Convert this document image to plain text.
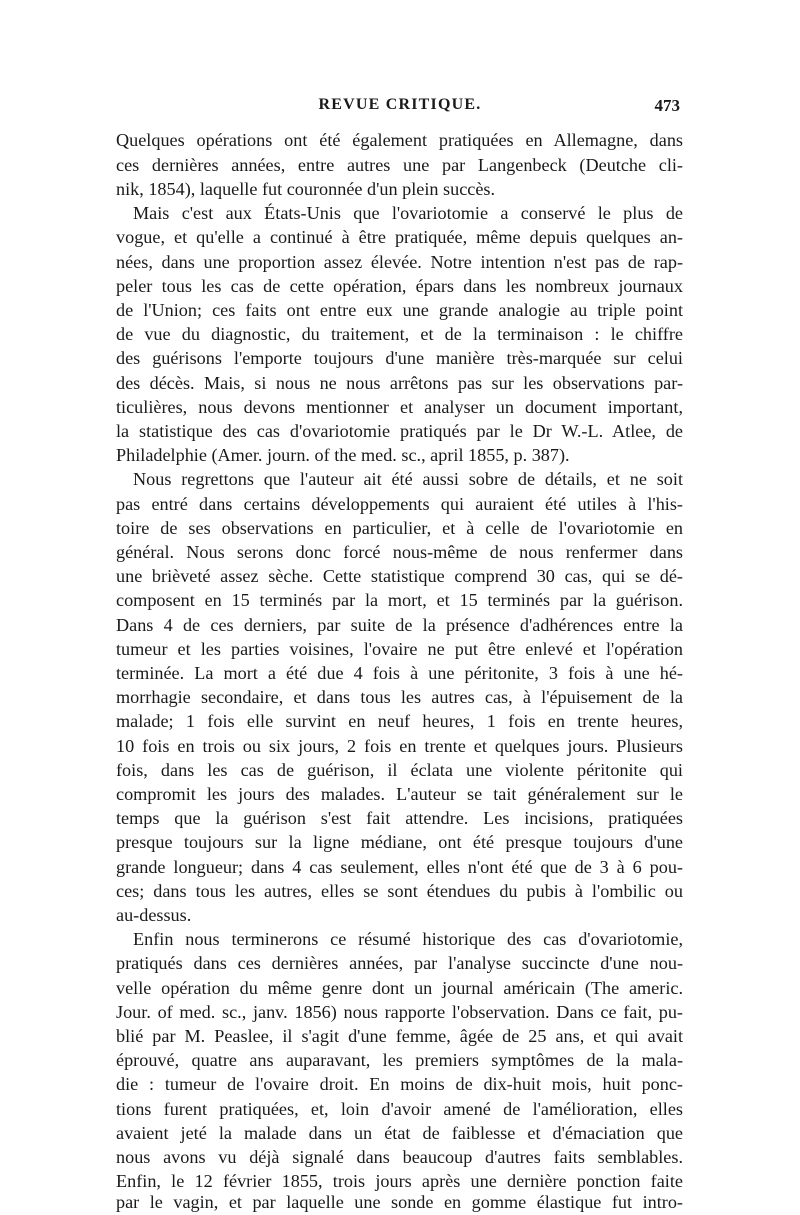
REVUE CRITIQUE.	473
Quelques opérations ont été également pratiquées en Allemagne, dans
ces dernières années, entre autres une par Langenbeck (Deutche cli-
nik, 1854), laquelle fut couronnée d'un plein succès.
Mais c'est aux États-Unis que l'ovariotomie a conservé le plus de
vogue, et qu'elle a continué à être pratiquée, même depuis quelques an-
nées, dans une proportion assez élevée. Notre intention n'est pas de rap-
peler tous les cas de cette opération, épars dans les nombreux journaux
de l'Union; ces faits ont entre eux une grande analogie au triple point
de vue du diagnostic, du traitement, et de la terminaison : le chiffre
des guérisons l'emporte toujours d'une manière très-marquée sur celui
des décès. Mais, si nous ne nous arrêtons pas sur les observations par-
ticulières, nous devons mentionner et analyser un document important,
la statistique des cas d'ovariotomie pratiqués par le Dr W.-L. Atlee, de
Philadelphie (Amer. journ. of the med. sc., april 1855, p. 387).
Nous regrettons que l'auteur ait été aussi sobre de détails, et ne soit
pas entré dans certains développements qui auraient été utiles à l'his-
toire de ses observations en particulier, et à celle de l'ovariotomie en
général. Nous serons donc forcé nous-même de nous renfermer dans
une brièveté assez sèche. Cette statistique comprend 30 cas, qui se dé-
composent en 15 terminés par la mort, et 15 terminés par la guérison.
Dans 4 de ces derniers, par suite de la présence d'adhérences entre la
tumeur et les parties voisines, l'ovaire ne put être enlevé et l'opération
terminée. La mort a été due 4 fois à une péritonite, 3 fois à une hé-
morrhagie secondaire, et dans tous les autres cas, à l'épuisement de la
malade; 1 fois elle survint en neuf heures, 1 fois en trente heures,
10 fois en trois ou six jours, 2 fois en trente et quelques jours. Plusieurs
fois, dans les cas de guérison, il éclata une violente péritonite qui
compromit les jours des malades. L'auteur se tait généralement sur le
temps que la guérison s'est fait attendre. Les incisions, pratiquées
presque toujours sur la ligne médiane, ont été presque toujours d'une
grande longueur; dans 4 cas seulement, elles n'ont été que de 3 à 6 pou-
ces; dans tous les autres, elles se sont étendues du pubis à l'ombilic ou
au-dessus.
Enfin nous terminerons ce résumé historique des cas d'ovariotomie,
pratiqués dans ces dernières années, par l'analyse succincte d'une nou-
velle opération du même genre dont un journal américain (The americ.
Jour. of med. sc., janv. 1856) nous rapporte l'observation. Dans ce fait, pu-
blié par M. Peaslee, il s'agit d'une femme, âgée de 25 ans, et qui avait
éprouvé, quatre ans auparavant, les premiers symptômes de la mala-
die : tumeur de l'ovaire droit. En moins de dix-huit mois, huit ponc-
tions furent pratiquées, et, loin d'avoir amené de l'amélioration, elles
avaient jeté la malade dans un état de faiblesse et d'émaciation que
nous avons vu déjà signalé dans beaucoup d'autres faits semblables.
Enfin, le 12 février 1855, trois jours après une dernière ponction faite
par le vagin, et par laquelle une sonde en gomme élastique fut intro-
